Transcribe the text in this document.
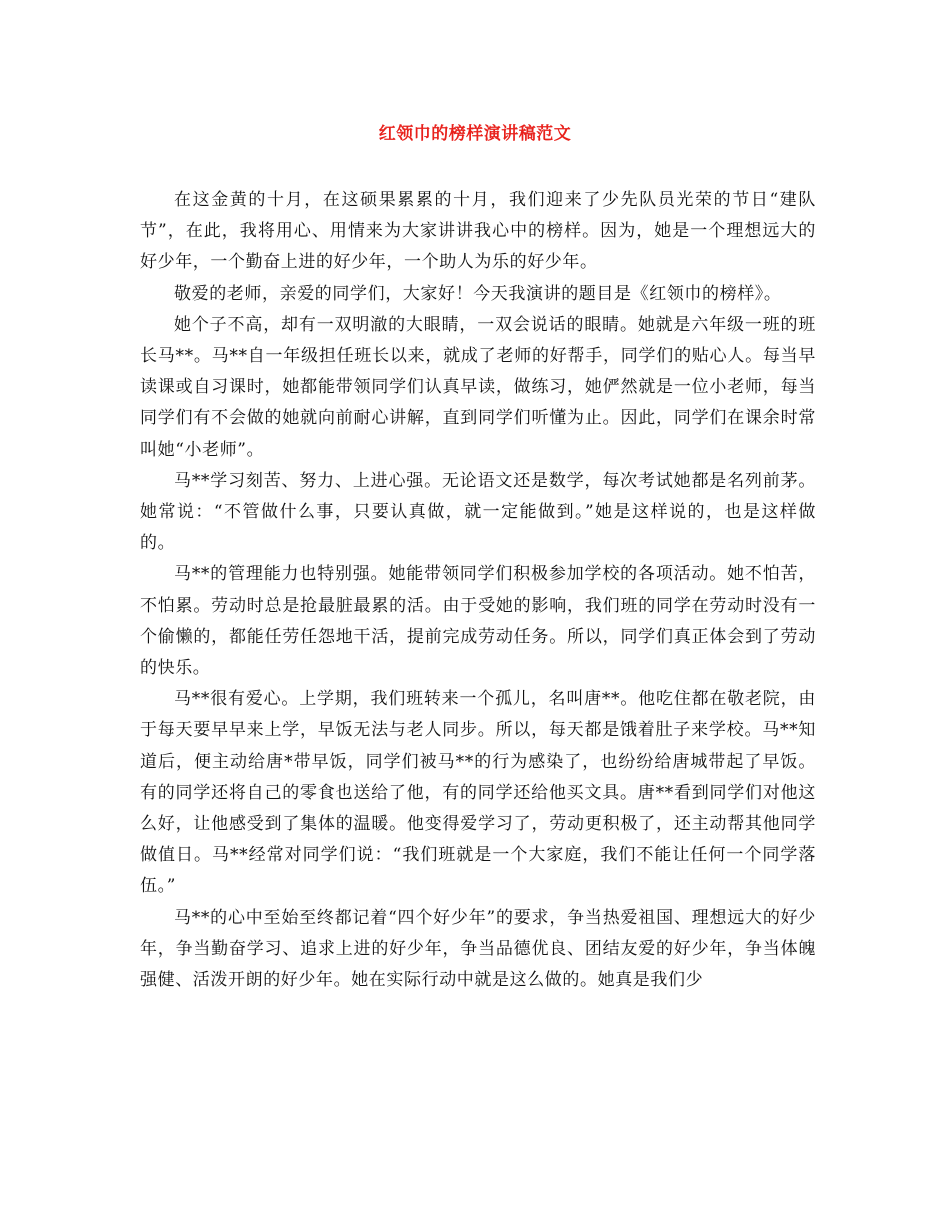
红领巾的榜样演讲稿范文

在这金黄的十月，在这硕果累累的十月，我们迎来了少先队员光荣的节日“建队节”，在此，我将用心、用情来为大家讲讲我心中的榜样。因为，她是一个理想远大的好少年，一个勤奋上进的好少年，一个助人为乐的好少年。

敬爱的老师，亲爱的同学们，大家好！今天我演讲的题目是《红领巾的榜样》。

她个子不高，却有一双明澈的大眼睛，一双会说话的眼睛。她就是六年级一班的班长马**。马**自一年级担任班长以来，就成了老师的好帮手，同学们的贴心人。每当早读课或自习课时，她都能带领同学们认真早读，做练习，她俨然就是一位小老师，每当同学们有不会做的她就向前耐心讲解，直到同学们听懂为止。因此，同学们在课余时常叫她“小老师”。

马**学习刻苦、努力、上进心强。无论语文还是数学，每次考试她都是名列前茅。她常说：“不管做什么事，只要认真做，就一定能做到。”她是这样说的，也是这样做的。

马**的管理能力也特别强。她能带领同学们积极参加学校的各项活动。她不怕苦，不怕累。劳动时总是抢最脏最累的活。由于受她的影响，我们班的同学在劳动时没有一个偷懒的，都能任劳任怨地干活，提前完成劳动任务。所以，同学们真正体会到了劳动的快乐。

马**很有爱心。上学期，我们班转来一个孤儿，名叫唐**。他吃住都在敬老院，由于每天要早早来上学，早饭无法与老人同步。所以，每天都是饿着肚子来学校。马**知道后，便主动给唐*带早饭，同学们被马**的行为感染了，也纷纷给唐城带起了早饭。有的同学还将自己的零食也送给了他，有的同学还给他买文具。唐**看到同学们对他这么好，让他感受到了集体的温暖。他变得爱学习了，劳动更积极了，还主动帮其他同学做值日。马**经常对同学们说：“我们班就是一个大家庭，我们不能让任何一个同学落伍。”

马**的心中至始至终都记着“四个好少年”的要求，争当热爱祖国、理想远大的好少年，争当勤奋学习、追求上进的好少年，争当品德优良、团结友爱的好少年，争当体魄强健、活泼开朗的好少年。她在实际行动中就是这么做的。她真是我们少
